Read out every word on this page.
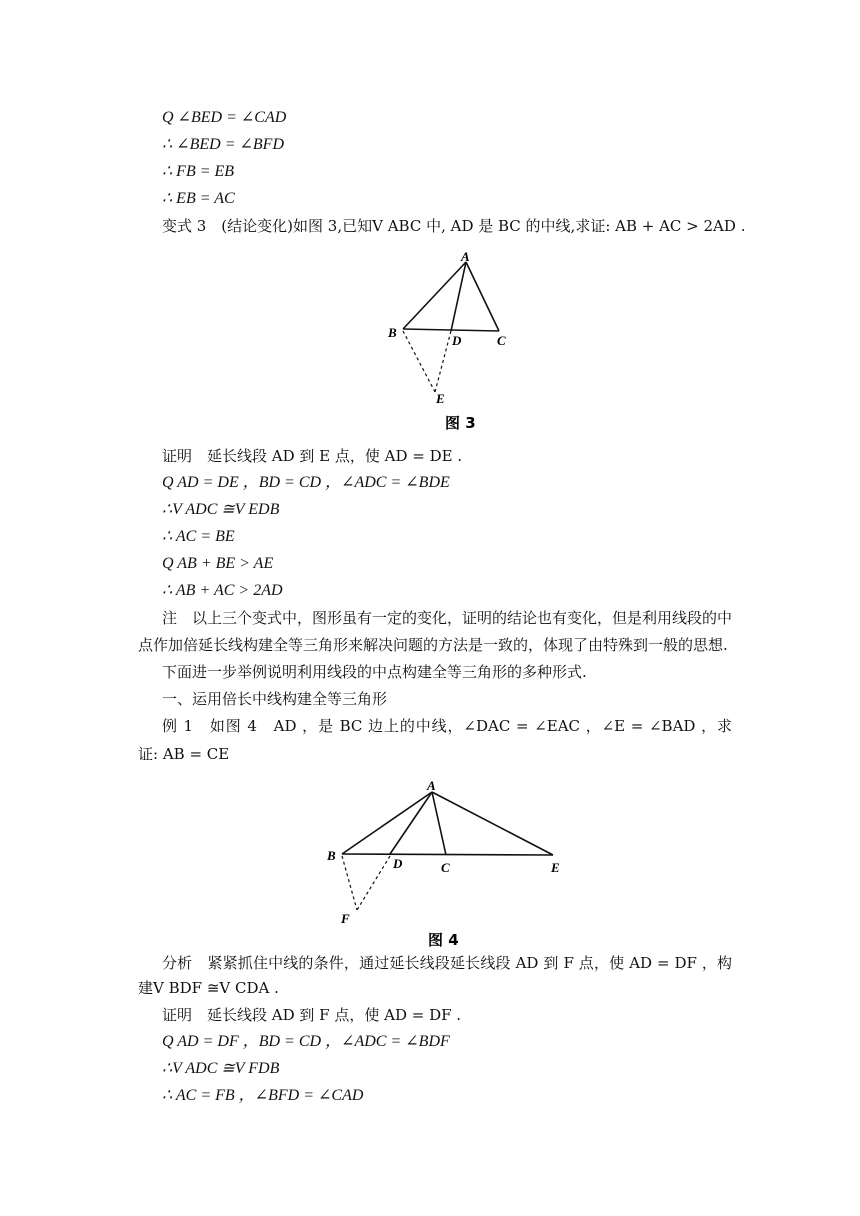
Q ∠BED = ∠CAD
∴ ∠BED = ∠BFD
∴ FB = EB
∴ EB = AC
变式 3　(结论变化)如图 3,已知V ABC 中, AD 是 BC 的中线,求证: AB + AC > 2AD .
A
B
D	C
E
图 3
证明　延长线段 AD 到 E 点，使 AD = DE .
Q AD = DE ，BD = CD ，∠ADC = ∠BDE
∴V ADC ≅V EDB
∴ AC = BE
Q AB + BE > AE
∴ AB + AC > 2AD
注　以上三个变式中，图形虽有一定的变化，证明的结论也有变化，但是利用线段的中
点作加倍延长线构建全等三角形来解决问题的方法是一致的，体现了由特殊到一般的思想.
下面进一步举例说明利用线段的中点构建全等三角形的多种形式.
一、运用倍长中线构建全等三角形
例 1　如图 4　AD ，是 BC 边上的中线，∠DAC = ∠EAC ，∠E = ∠BAD ，求
证: AB = CE
A
B
D	C	E
F
图 4
分析　紧紧抓住中线的条件，通过延长线段延长线段 AD 到 F 点，使 AD = DF ，构
建V BDF ≅V CDA .
证明　延长线段 AD 到 F 点，使 AD = DF .
Q AD = DF ，BD = CD ，∠ADC = ∠BDF
∴V ADC ≅V FDB
∴ AC = FB ，∠BFD = ∠CAD
